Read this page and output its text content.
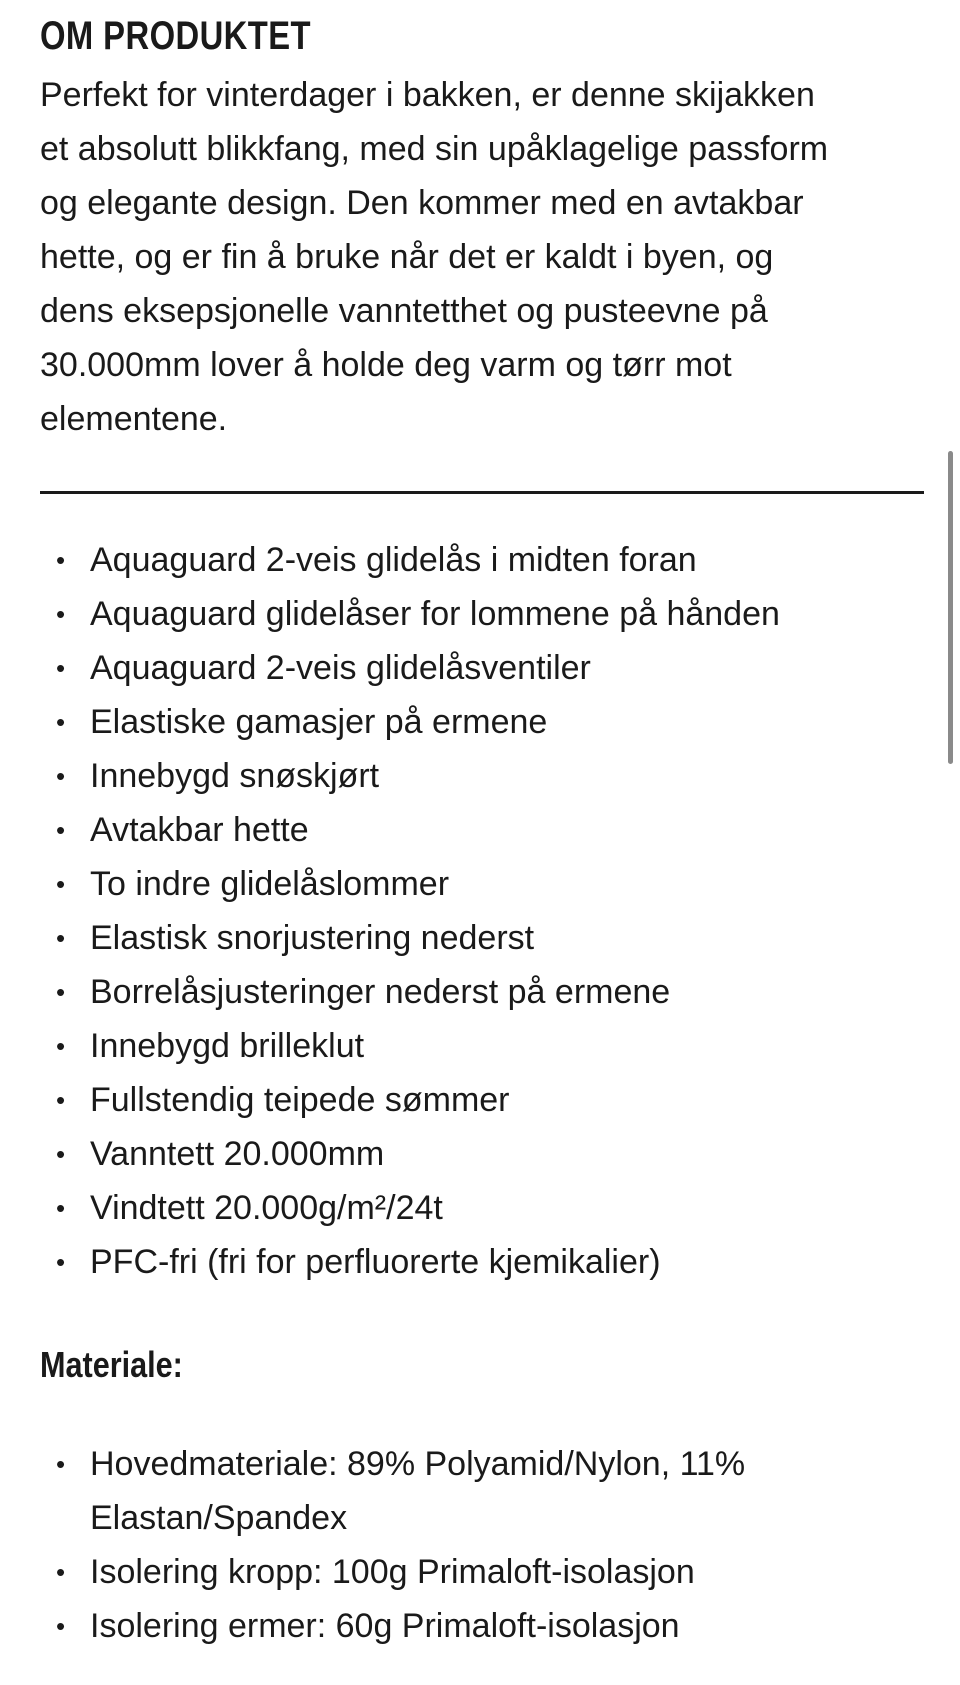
OM PRODUKTET
Perfekt for vinterdager i bakken, er denne skijakken
et absolutt blikkfang, med sin upåklagelige passform
og elegante design. Den kommer med en avtakbar
hette, og er fin å bruke når det er kaldt i byen, og
dens eksepsjonelle vanntetthet og pusteevne på
30.000mm lover å holde deg varm og tørr mot
elementene.
• Aquaguard 2-veis glidelås i midten foran
• Aquaguard glidelåser for lommene på hånden
• Aquaguard 2-veis glidelåsventiler
• Elastiske gamasjer på ermene
• Innebygd snøskjørt
• Avtakbar hette
• To indre glidelåslommer
• Elastisk snorjustering nederst
• Borrelåsjusteringer nederst på ermene
• Innebygd brilleklut
• Fullstendig teipede sømmer
• Vanntett 20.000mm
• Vindtett 20.000g/m²/24t
• PFC-fri (fri for perfluorerte kjemikalier)
Materiale:
• Hovedmateriale: 89% Polyamid/Nylon, 11%
Elastan/Spandex
• Isolering kropp: 100g Primaloft-isolasjon
• Isolering ermer: 60g Primaloft-isolasjon
